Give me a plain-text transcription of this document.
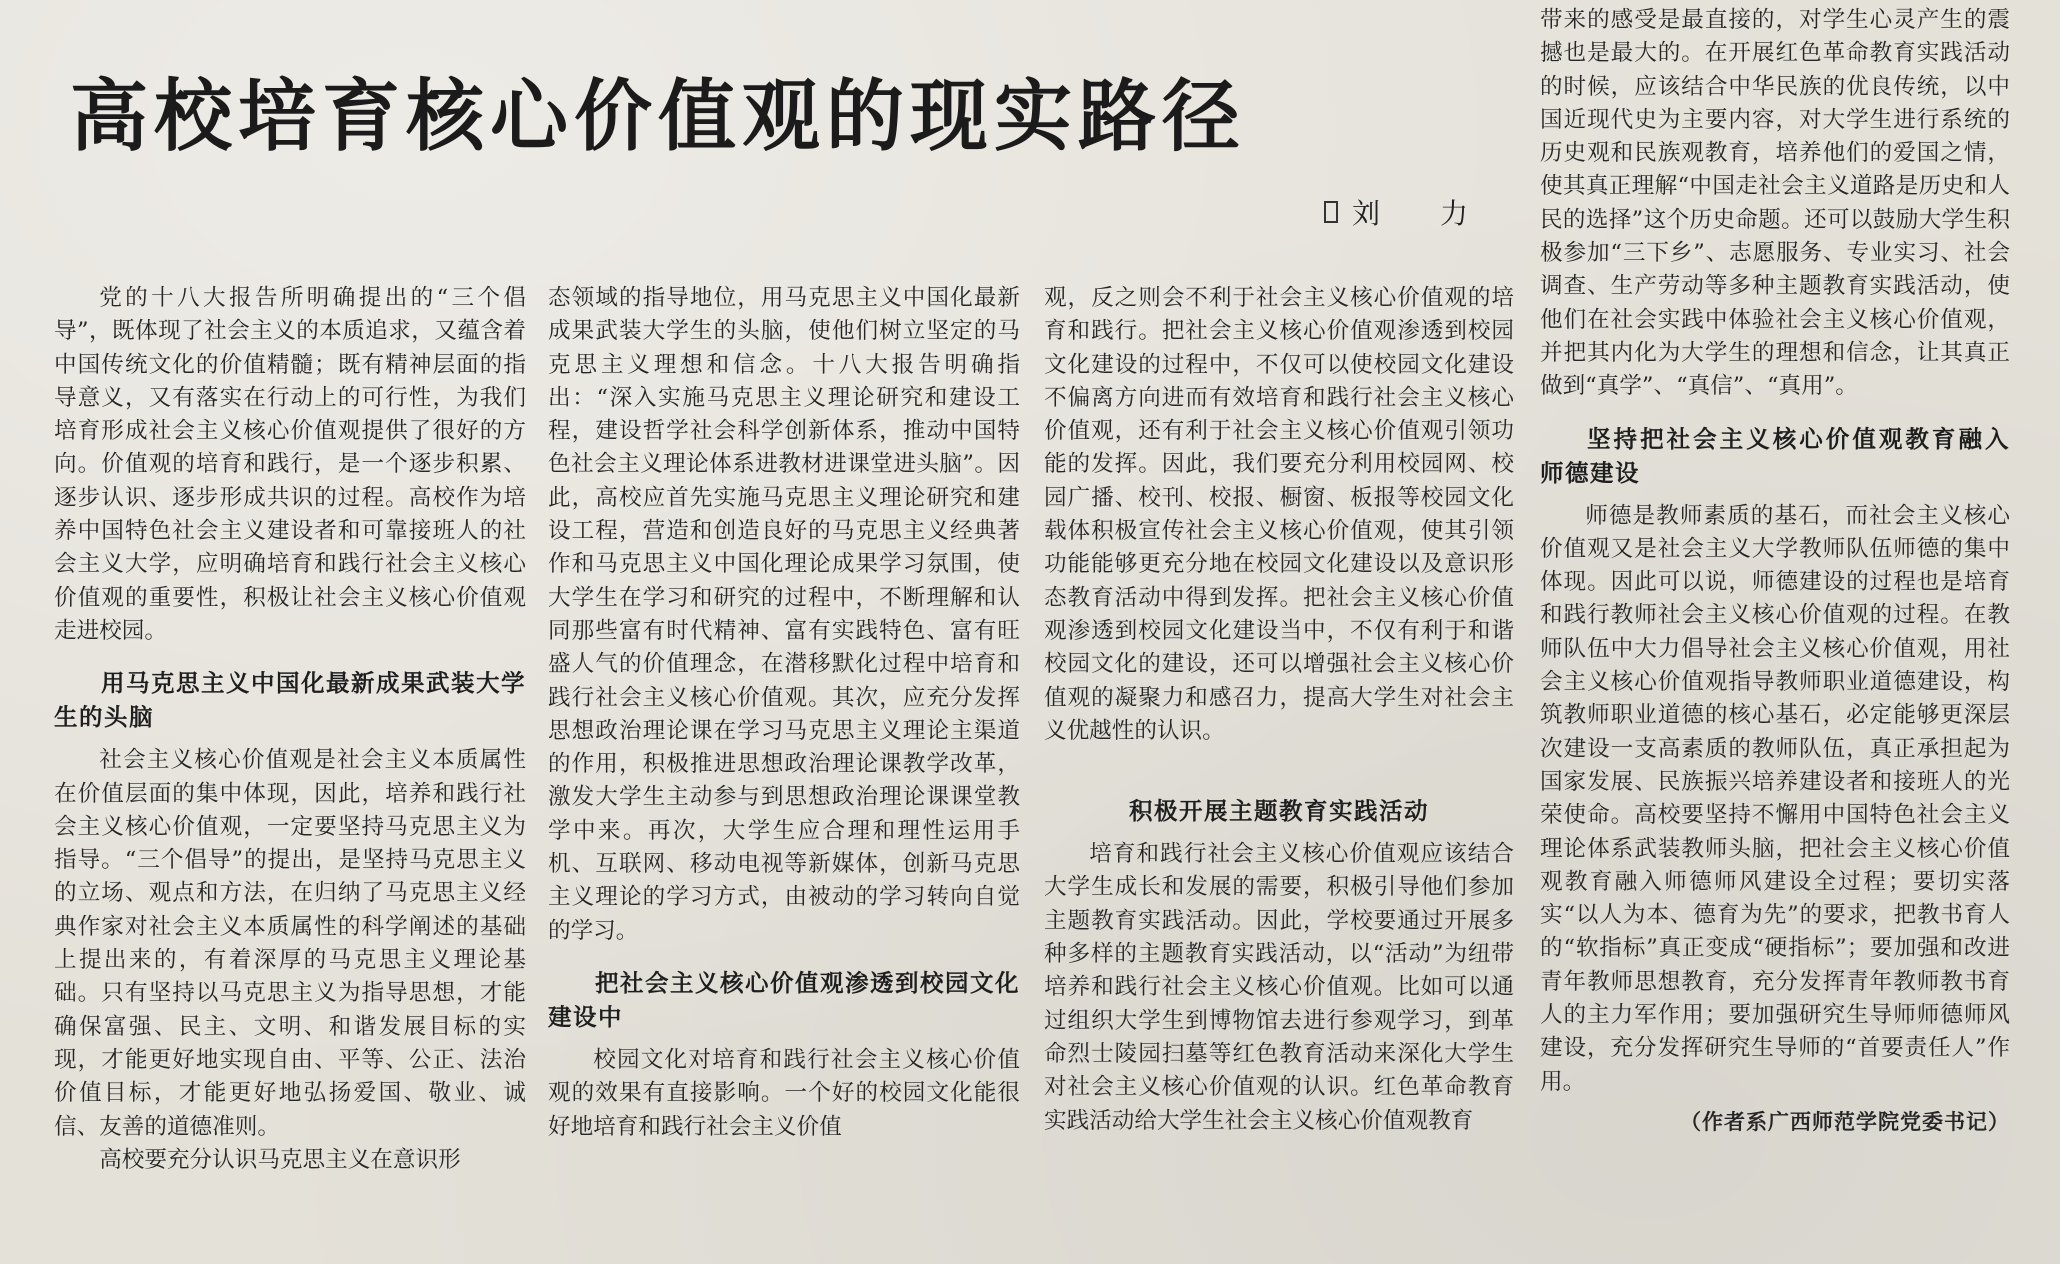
高校培育核心价值观的现实路径
刘　力

党的十八大报告所明确提出的“三个倡导”，既体现了社会主义的本质追求，又蕴含着中国传统文化的价值精髓；既有精神层面的指导意义，又有落实在行动上的可行性，为我们培育形成社会主义核心价值观提供了很好的方向。价值观的培育和践行，是一个逐步积累、逐步认识、逐步形成共识的过程。高校作为培养中国特色社会主义建设者和可靠接班人的社会主义大学，应明确培育和践行社会主义核心价值观的重要性，积极让社会主义核心价值观走进校园。

用马克思主义中国化最新成果武装大学生的头脑

社会主义核心价值观是社会主义本质属性在价值层面的集中体现，因此，培养和践行社会主义核心价值观，一定要坚持马克思主义为指导。“三个倡导”的提出，是坚持马克思主义的立场、观点和方法，在归纳了马克思主义经典作家对社会主义本质属性的科学阐述的基础上提出来的，有着深厚的马克思主义理论基础。只有坚持以马克思主义为指导思想，才能确保富强、民主、文明、和谐发展目标的实现，才能更好地实现自由、平等、公正、法治价值目标，才能更好地弘扬爱国、敬业、诚信、友善的道德准则。

高校要充分认识马克思主义在意识形

态领域的指导地位，用马克思主义中国化最新成果武装大学生的头脑，使他们树立坚定的马克思主义理想和信念。十八大报告明确指出：“深入实施马克思主义理论研究和建设工程，建设哲学社会科学创新体系，推动中国特色社会主义理论体系进教材进课堂进头脑”。因此，高校应首先实施马克思主义理论研究和建设工程，营造和创造良好的马克思主义经典著作和马克思主义中国化理论成果学习氛围，使大学生在学习和研究的过程中，不断理解和认同那些富有时代精神、富有实践特色、富有旺盛人气的价值理念，在潜移默化过程中培育和践行社会主义核心价值观。其次，应充分发挥思想政治理论课在学习马克思主义理论主渠道的作用，积极推进思想政治理论课教学改革，激发大学生主动参与到思想政治理论课课堂教学中来。再次，大学生应合理和理性运用手机、互联网、移动电视等新媒体，创新马克思主义理论的学习方式，由被动的学习转向自觉的学习。

把社会主义核心价值观渗透到校园文化建设中

校园文化对培育和践行社会主义核心价值观的效果有直接影响。一个好的校园文化能很好地培育和践行社会主义价值

观，反之则会不利于社会主义核心价值观的培育和践行。把社会主义核心价值观渗透到校园文化建设的过程中，不仅可以使校园文化建设不偏离方向进而有效培育和践行社会主义核心价值观，还有利于社会主义核心价值观引领功能的发挥。因此，我们要充分利用校园网、校园广播、校刊、校报、橱窗、板报等校园文化载体积极宣传社会主义核心价值观，使其引领功能能够更充分地在校园文化建设以及意识形态教育活动中得到发挥。把社会主义核心价值观渗透到校园文化建设当中，不仅有利于和谐校园文化的建设，还可以增强社会主义核心价值观的凝聚力和感召力，提高大学生对社会主义优越性的认识。

积极开展主题教育实践活动

培育和践行社会主义核心价值观应该结合大学生成长和发展的需要，积极引导他们参加主题教育实践活动。因此，学校要通过开展多种多样的主题教育实践活动，以“活动”为纽带培养和践行社会主义核心价值观。比如可以通过组织大学生到博物馆去进行参观学习，到革命烈士陵园扫墓等红色教育活动来深化大学生对社会主义核心价值观的认识。红色革命教育实践活动给大学生社会主义核心价值观教育

带来的感受是最直接的，对学生心灵产生的震撼也是最大的。在开展红色革命教育实践活动的时候，应该结合中华民族的优良传统，以中国近现代史为主要内容，对大学生进行系统的历史观和民族观教育，培养他们的爱国之情，使其真正理解“中国走社会主义道路是历史和人民的选择”这个历史命题。还可以鼓励大学生积极参加“三下乡”、志愿服务、专业实习、社会调查、生产劳动等多种主题教育实践活动，使他们在社会实践中体验社会主义核心价值观，并把其内化为大学生的理想和信念，让其真正做到“真学”、“真信”、“真用”。

坚持把社会主义核心价值观教育融入师德建设

师德是教师素质的基石，而社会主义核心价值观又是社会主义大学教师队伍师德的集中体现。因此可以说，师德建设的过程也是培育和践行教师社会主义核心价值观的过程。在教师队伍中大力倡导社会主义核心价值观，用社会主义核心价值观指导教师职业道德建设，构筑教师职业道德的核心基石，必定能够更深层次建设一支高素质的教师队伍，真正承担起为国家发展、民族振兴培养建设者和接班人的光荣使命。高校要坚持不懈用中国特色社会主义理论体系武装教师头脑，把社会主义核心价值观教育融入师德师风建设全过程；要切实落实“以人为本、德育为先”的要求，把教书育人的“软指标”真正变成“硬指标”；要加强和改进青年教师思想教育，充分发挥青年教师教书育人的主力军作用；要加强研究生导师师德师风建设，充分发挥研究生导师的“首要责任人”作用。

（作者系广西师范学院党委书记）
